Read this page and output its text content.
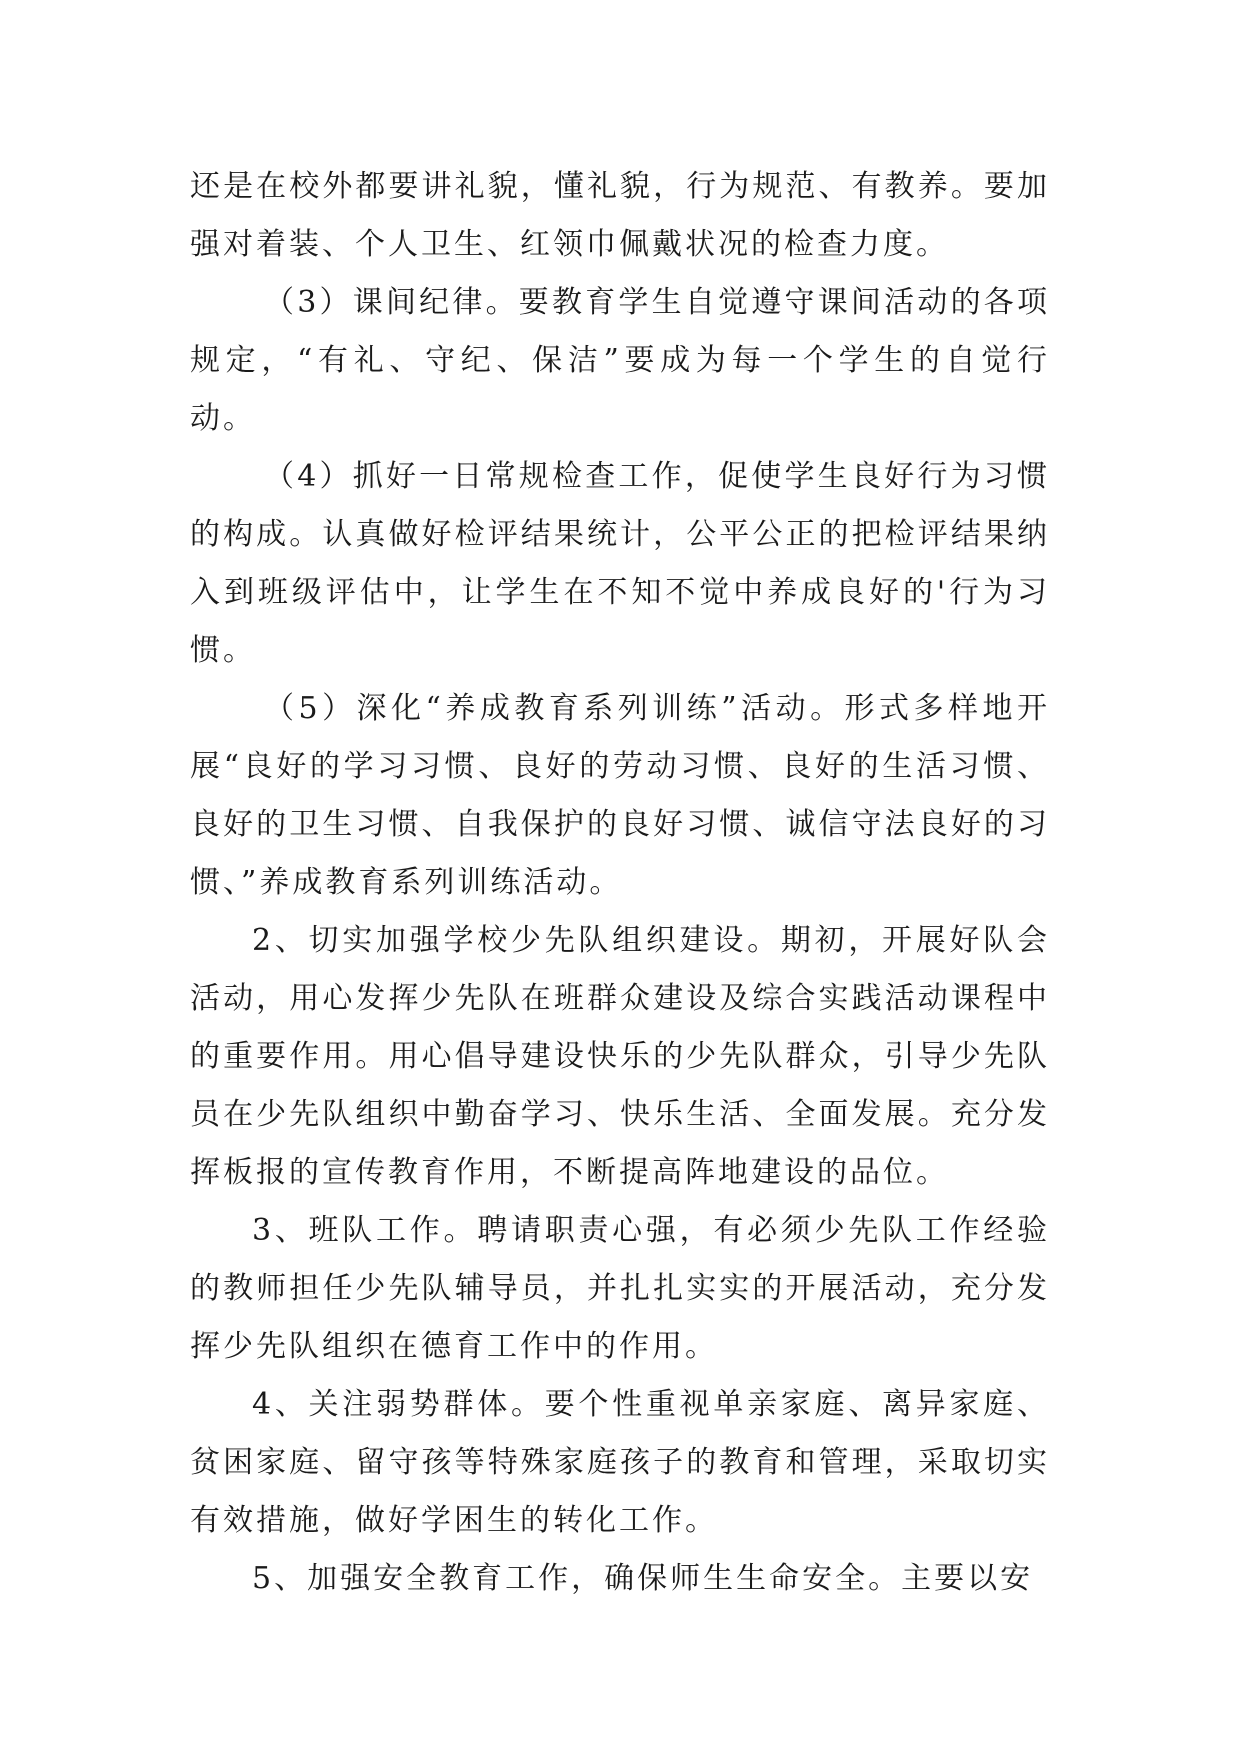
还是在校外都要讲礼貌，懂礼貌，行为规范、有教养。要加强对着装、个人卫生、红领巾佩戴状况的检查力度。

（3）课间纪律。要教育学生自觉遵守课间活动的各项规定，“有礼、守纪、保洁”要成为每一个学生的自觉行动。

（4）抓好一日常规检查工作，促使学生良好行为习惯的构成。认真做好检评结果统计，公平公正的把检评结果纳入到班级评估中，让学生在不知不觉中养成良好的'行为习惯。

（5）深化“养成教育系列训练”活动。形式多样地开展“良好的学习习惯、良好的劳动习惯、良好的生活习惯、良好的卫生习惯、自我保护的良好习惯、诚信守法良好的习惯、”养成教育系列训练活动。

2、切实加强学校少先队组织建设。期初，开展好队会活动，用心发挥少先队在班群众建设及综合实践活动课程中的重要作用。用心倡导建设快乐的少先队群众，引导少先队员在少先队组织中勤奋学习、快乐生活、全面发展。充分发挥板报的宣传教育作用，不断提高阵地建设的品位。

3、班队工作。聘请职责心强，有必须少先队工作经验的教师担任少先队辅导员，并扎扎实实的开展活动，充分发挥少先队组织在德育工作中的作用。

4、关注弱势群体。要个性重视单亲家庭、离异家庭、贫困家庭、留守孩等特殊家庭孩子的教育和管理，采取切实有效措施，做好学困生的转化工作。

5、加强安全教育工作，确保师生生命安全。主要以安
